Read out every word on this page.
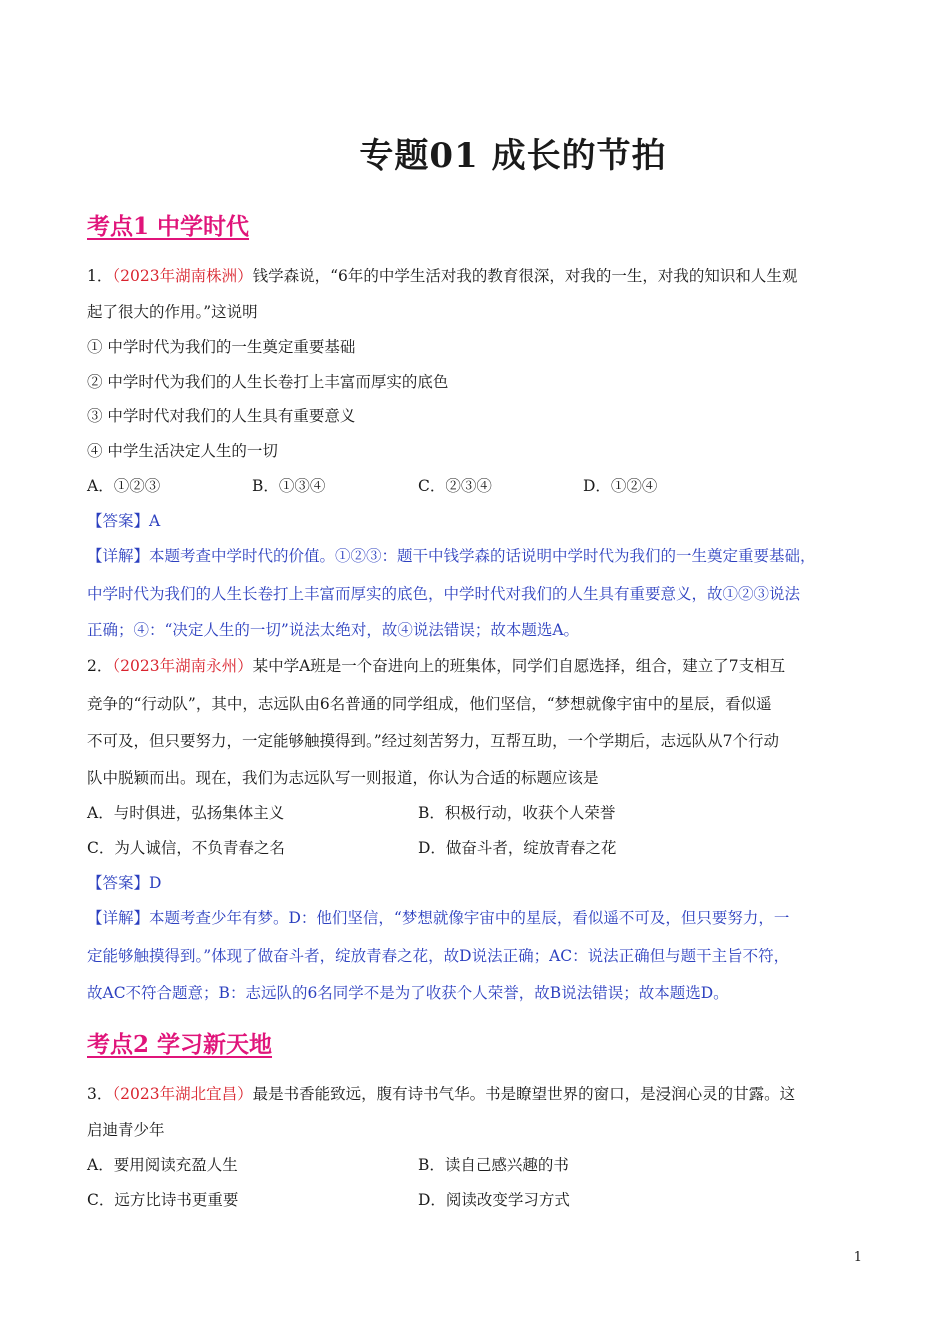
专题01 成长的节拍
考点1 中学时代
1．（2023年湖南株洲）钱学森说，“6年的中学生活对我的教育很深，对我的一生，对我的知识和人生观
起了很大的作用。”这说明
① 中学时代为我们的一生奠定重要基础
② 中学时代为我们的人生长卷打上丰富而厚实的底色
③ 中学时代对我们的人生具有重要意义
④ 中学生活决定人生的一切
A．①②③	B．①③④	C．②③④	D．①②④
【答案】A
【详解】本题考查中学时代的价值。①②③：题干中钱学森的话说明中学时代为我们的一生奠定重要基础，
中学时代为我们的人生长卷打上丰富而厚实的底色，中学时代对我们的人生具有重要意义，故①②③说法
正确；④：“决定人生的一切”说法太绝对，故④说法错误；故本题选A。
2．（2023年湖南永州）某中学A班是一个奋进向上的班集体，同学们自愿选择，组合，建立了7支相互
竞争的“行动队”，其中，志远队由6名普通的同学组成，他们坚信，“梦想就像宇宙中的星辰，看似遥
不可及，但只要努力，一定能够触摸得到。”经过刻苦努力，互帮互助，一个学期后，志远队从7个行动
队中脱颖而出。现在，我们为志远队写一则报道，你认为合适的标题应该是
A．与时俱进，弘扬集体主义	B．积极行动，收获个人荣誉
C．为人诚信，不负青春之名	D．做奋斗者，绽放青春之花
【答案】D
【详解】本题考查少年有梦。D：他们坚信，“梦想就像宇宙中的星辰，看似遥不可及，但只要努力，一
定能够触摸得到。”体现了做奋斗者，绽放青春之花，故D说法正确；AC：说法正确但与题干主旨不符，
故AC不符合题意；B：志远队的6名同学不是为了收获个人荣誉，故B说法错误；故本题选D。
考点2 学习新天地
3．（2023年湖北宜昌）最是书香能致远，腹有诗书气华。书是瞭望世界的窗口，是浸润心灵的甘露。这
启迪青少年
A．要用阅读充盈人生	B．读自己感兴趣的书
C．远方比诗书更重要	D．阅读改变学习方式
1
